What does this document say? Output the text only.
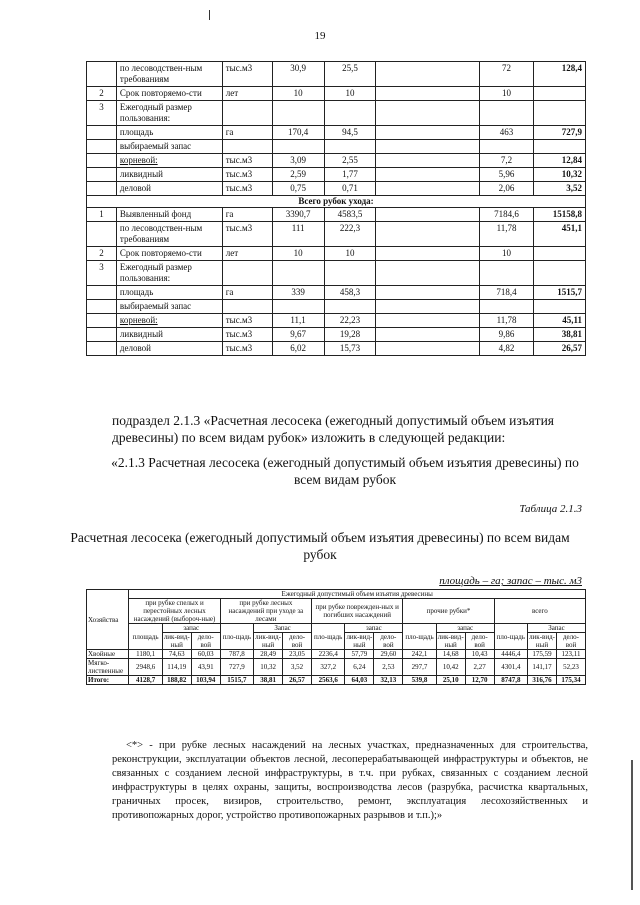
19
	по лесоводствен-ным требованиям	тыс.м3	30,9	25,5		72	128,4
2	Срок повторяемо-сти	лет	10	10		10	
3	Ежегодный размер пользования:						
	площадь	га	170,4	94,5		463	727,9
	выбираемый запас						
	корневой:	тыс.м3	3,09	2,55		7,2	12,84
	ликвидный	тыс.м3	2,59	1,77		5,96	10,32
	деловой	тыс.м3	0,75	0,71		2,06	3,52
Всего рубок ухода:							
1	Выявленный фонд	га	3390,7	4583,5		7184,6	15158,8
	по лесоводствен-ным требованиям	тыс.м3	111	222,3		11,78	451,1
2	Срок повторяемо-сти	лет	10	10		10	
3	Ежегодный размер пользования:						
	площадь	га	339	458,3		718,4	1515,7
	выбираемый запас						
	корневой:	тыс.м3	11,1	22,23		11,78	45,11
	ликвидный	тыс.м3	9,67	19,28		9,86	38,81
	деловой	тыс.м3	6,02	15,73		4,82	26,57
подраздел 2.1.3 «Расчетная лесосека (ежегодный допустимый объем изъятия древесины) по всем видам рубок» изложить в следующей редакции:
«2.1.3 Расчетная лесосека (ежегодный допустимый объем изъятия древесины) по всем видам рубок
Таблица 2.1.3
Расчетная лесосека (ежегодный допустимый объем изъятия древесины) по всем видам рубок
площадь – га; запас – тыс. м3
Хозяйства	Ежегодный допустимый объем изъятия древесины														
	при рубке спелых и перестойных лесных насаждений (выбороч-ные)			при рубке лесных насаждений при уходе за лесами			при рубке поврежден-ных и погибших насаждений			прочие рубки*			всего		
	площадь	запас		пло-щадь	Запас		пло-щадь	запас		пло-щадь	запас		пло-щадь	Запас	
		лик-вид-ный	дело-вой		лик-вид-ный	дело-вой		лик-вид-ный	дело-вой		лик-вид-ный	дело-вой		лик-вид-ный	дело-вой
Хвойные	1180,1	74,63	60,03	787,8	28,49	23,05	2236,4	57,79	29,60	242,1	14,68	10,43	4446,4	175,59	123,11
Мягко-лиственные	2948,6	114,19	43,91	727,9	10,32	3,52	327,2	6,24	2,53	297,7	10,42	2,27	4301,4	141,17	52,23
Итого:	4128,7	188,82	103,94	1515,7	38,81	26,57	2563,6	64,03	32,13	539,8	25,10	12,70	8747,8	316,76	175,34
<*> - при рубке лесных насаждений на лесных участках, предназначенных для строительства, реконструкции, эксплуатации объектов лесной, лесоперерабатывающей инфраструктуры и объектов, не связанных с созданием лесной инфраструктуры, в т.ч. при рубках, связанных с созданием лесной инфраструктуры в целях охраны, защиты, воспроизводства лесов (разрубка, расчистка квартальных, граничных просек, визиров, строительство, ремонт, эксплуатация лесохозяйственных и противопожарных дорог, устройство противопожарных разрывов и т.п.);»
